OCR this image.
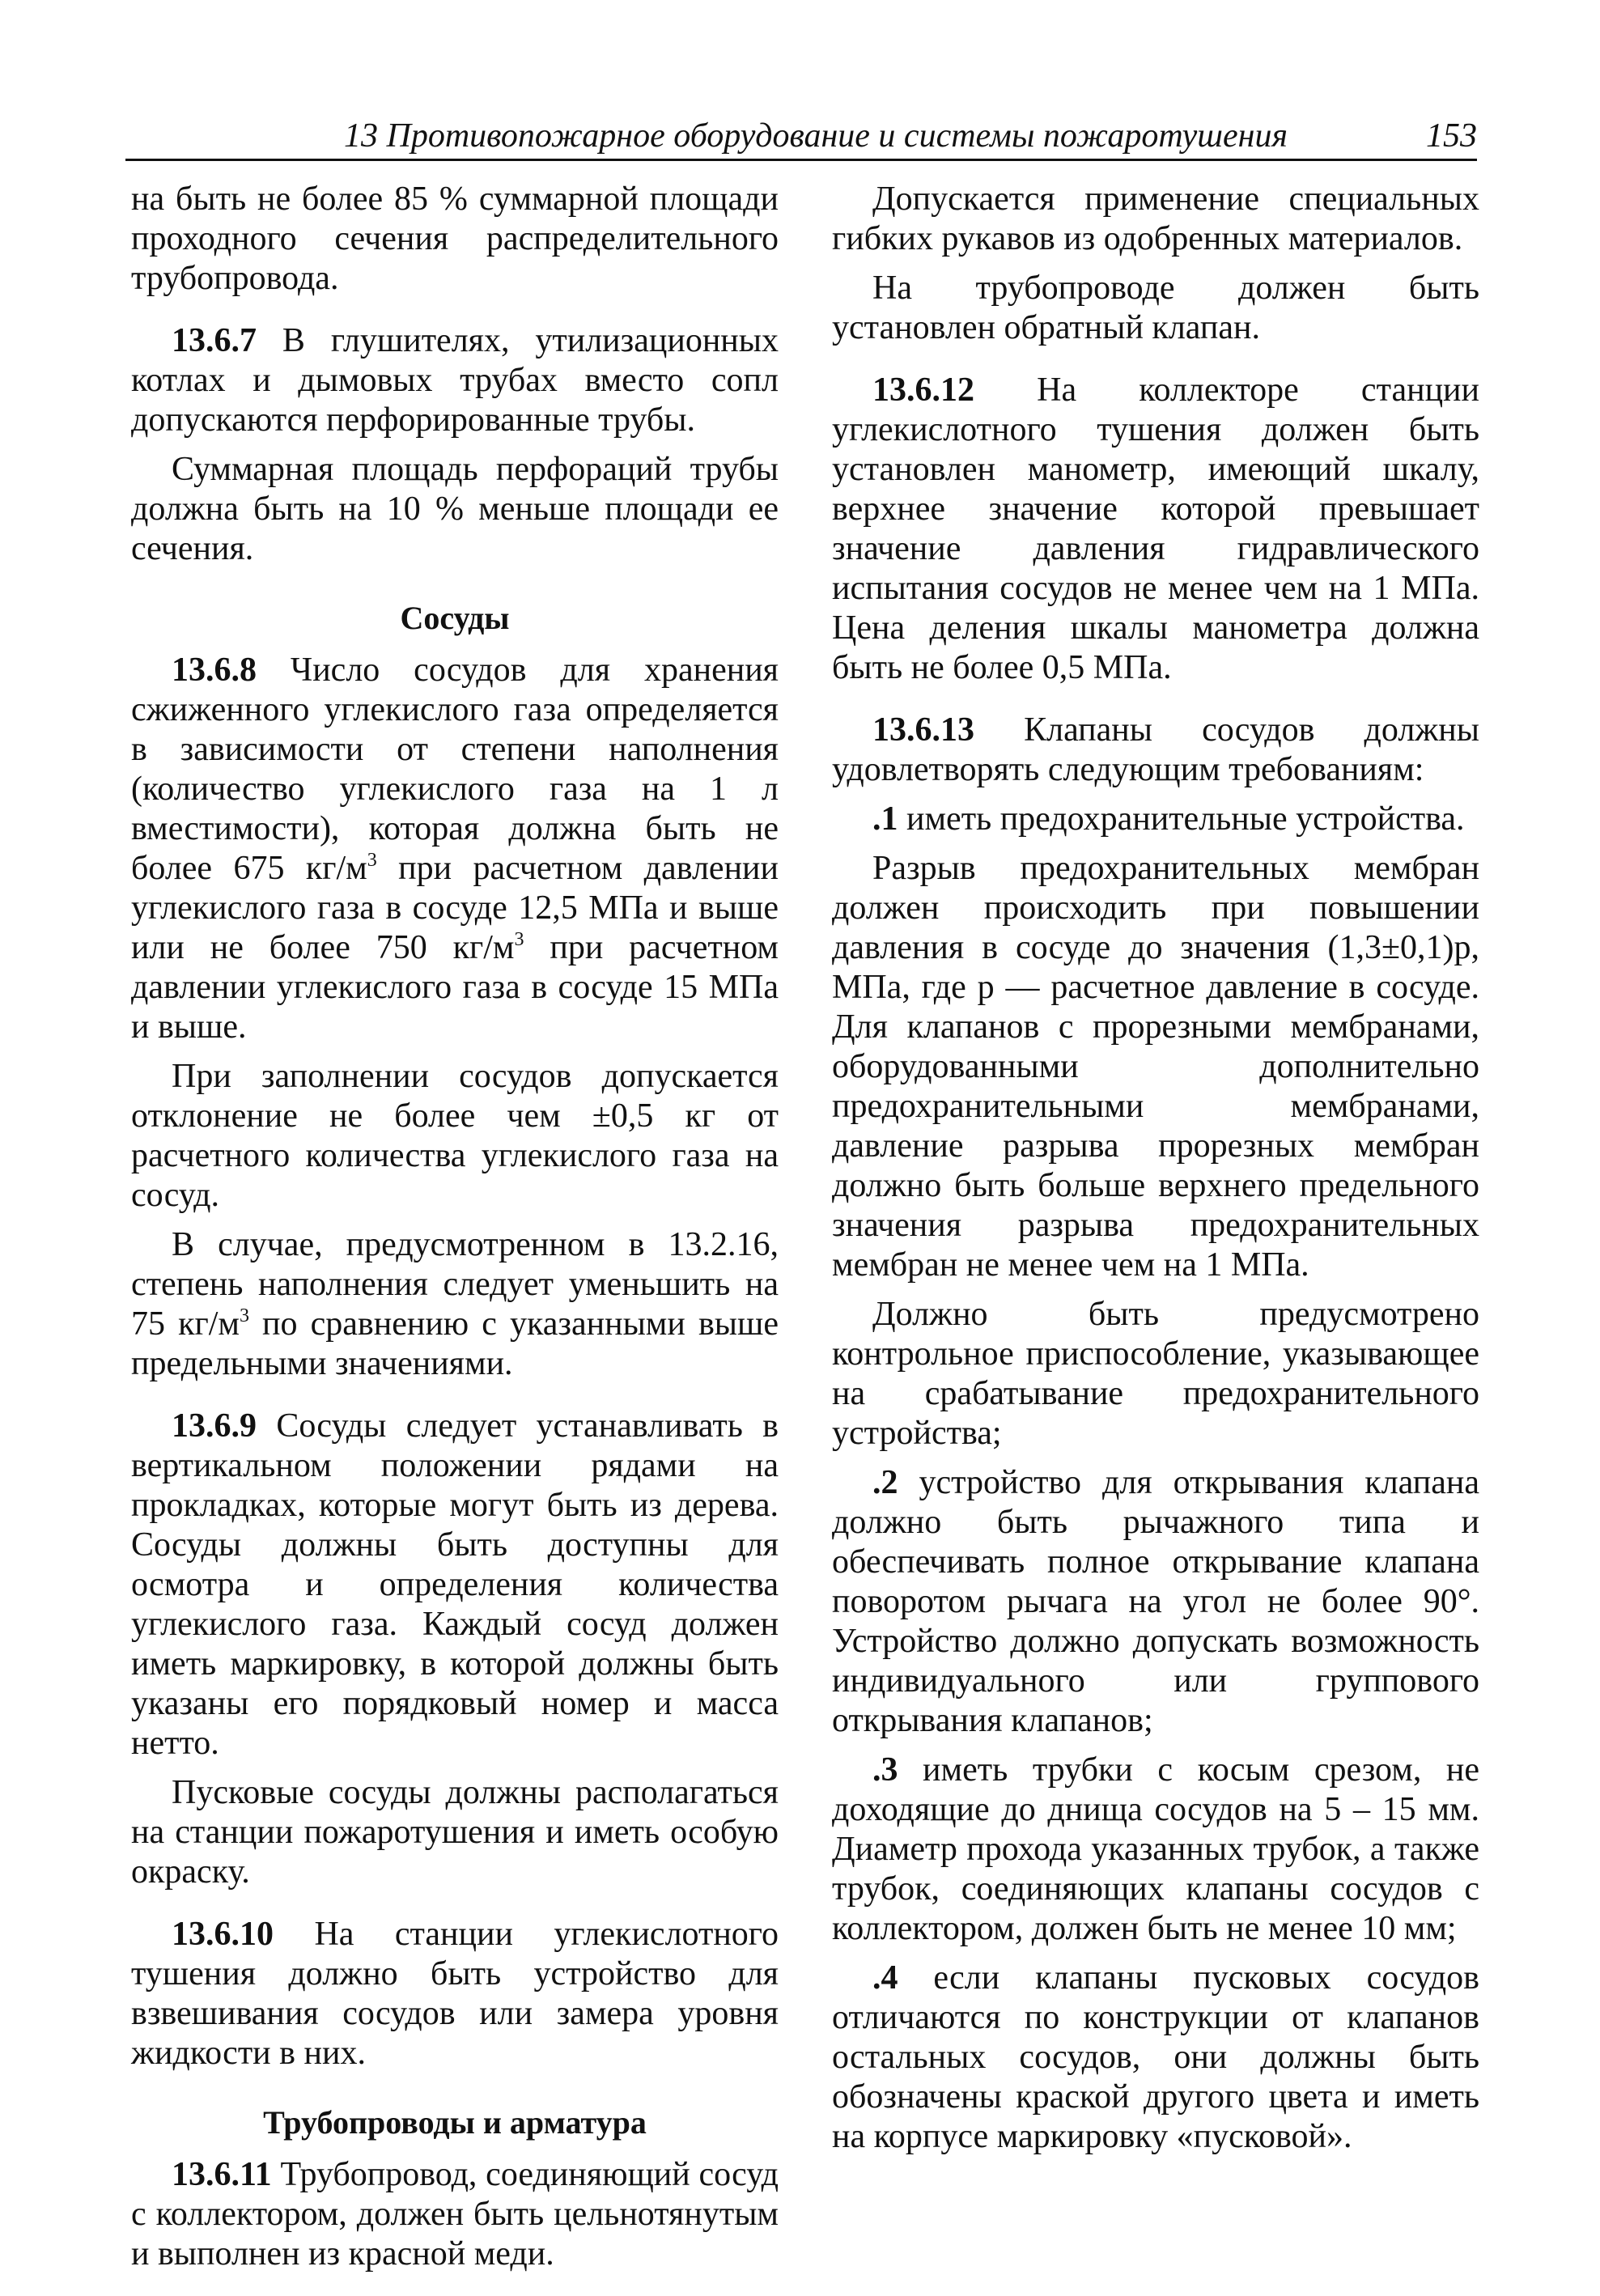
13 Противопожарное оборудование и системы пожаротушения	153

на быть не более 85 % суммарной площади проходного сечения распределительного трубопровода.

13.6.7 В глушителях, утилизационных котлах и дымовых трубах вместо сопл допускаются перфорированные трубы.

Суммарная площадь перфораций трубы должна быть на 10 % меньше площади ее сечения.

Сосуды

13.6.8 Число сосудов для хранения сжиженного углекислого газа определяется в зависимости от степени наполнения (количество углекислого газа на 1 л вместимости), которая должна быть не более 675 $кг/м^3$ при расчетном давлении углекислого газа в сосуде 12,5 МПа и выше или не более 750 $кг/м^3$ при расчетном давлении углекислого газа в сосуде 15 МПа и выше.

При заполнении сосудов допускается отклонение не более чем ±0,5 кг от расчетного количества углекислого газа на сосуд.

В случае, предусмотренном в 13.2.16, степень наполнения следует уменьшить на 75 $кг/м^3$ по сравнению с указанными выше предельными значениями.

13.6.9 Сосуды следует устанавливать в вертикальном положении рядами на прокладках, которые могут быть из дерева. Сосуды должны быть доступны для осмотра и определения количества углекислого газа. Каждый сосуд должен иметь маркировку, в которой должны быть указаны его порядковый номер и масса нетто.

Пусковые сосуды должны располагаться на станции пожаротушения и иметь особую окраску.

13.6.10 На станции углекислотного тушения должно быть устройство для взвешивания сосудов или замера уровня жидкости в них.

Трубопроводы и арматура

13.6.11 Трубопровод, соединяющий сосуд с коллектором, должен быть цельнотянутым и выполнен из красной меди.

Допускается применение специальных гибких рукавов из одобренных материалов.

На трубопроводе должен быть установлен обратный клапан.

13.6.12 На коллекторе станции углекислотного тушения должен быть установлен манометр, имеющий шкалу, верхнее значение которой превышает значение давления гидравлического испытания сосудов не менее чем на 1 МПа. Цена деления шкалы манометра должна быть не более 0,5 МПа.

13.6.13 Клапаны сосудов должны удовлетворять следующим требованиям:

.1 иметь предохранительные устройства.

Разрыв предохранительных мембран должен происходить при повышении давления в сосуде до значения (1,3±0,1)p, МПа, где p — расчетное давление в сосуде. Для клапанов с прорезными мембранами, оборудованными дополнительно предохранительными мембранами, давление разрыва прорезных мембран должно быть больше верхнего предельного значения разрыва предохранительных мембран не менее чем на 1 МПа.

Должно быть предусмотрено контрольное приспособление, указывающее на срабатывание предохранительного устройства;

.2 устройство для открывания клапана должно быть рычажного типа и обеспечивать полное открывание клапана поворотом рычага на угол не более 90°. Устройство должно допускать возможность индивидуального или группового открывания клапанов;

.3 иметь трубки с косым срезом, не доходящие до днища сосудов на 5 – 15 мм. Диаметр прохода указанных трубок, а также трубок, соединяющих клапаны сосудов с коллектором, должен быть не менее 10 мм;

.4 если клапаны пусковых сосудов отличаются по конструкции от клапанов остальных сосудов, они должны быть обозначены краской другого цвета и иметь на корпусе маркировку «пусковой».
